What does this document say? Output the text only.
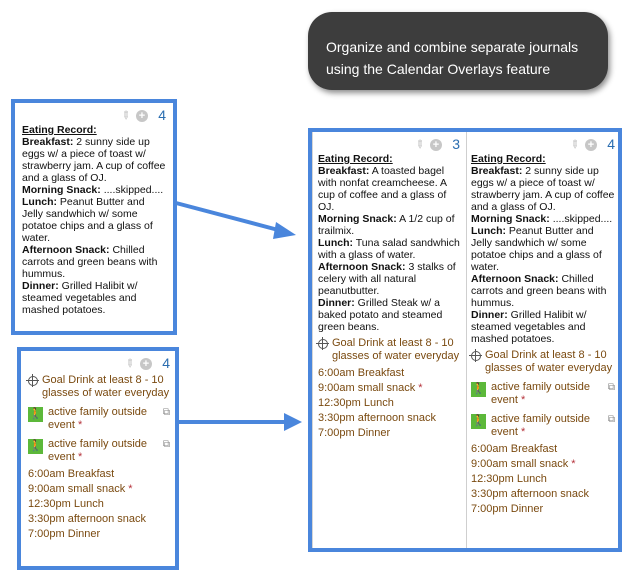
Organize and combine separate journals
using the Calendar Overlays feature
✎ + 4
Eating Record:
Breakfast: 2 sunny side up eggs w/ a piece of toast w/ strawberry jam. A cup of coffee and a glass of OJ.
Morning Snack: ....skipped....
Lunch: Peanut Butter and Jelly sandwhich w/ some potatoe chips and a glass of water.
Afternoon Snack: Chilled carrots and green beans with hummus.
Dinner: Grilled Halibit w/ steamed vegetables and mashed potatoes.
✎ + 4
Goal Drink at least 8 - 10 glasses of water everyday
🚶	⧉
active family outside event *
🚶	⧉
active family outside event *
6:00am Breakfast
9:00am small snack *
12:30pm Lunch
3:30pm afternoon snack
7:00pm Dinner
✎ + 3
Eating Record:
Breakfast: A toasted bagel with nonfat creamcheese. A cup of coffee and a glass of OJ.
Morning Snack: A 1/2 cup of trailmix.
Lunch: Tuna salad sandwhich with a glass of water.
Afternoon Snack: 3 stalks of celery with all natural peanutbutter.
Dinner: Grilled Steak w/ a baked potato and steamed green beans.
Goal Drink at least 8 - 10 glasses of water everyday
6:00am Breakfast
9:00am small snack *
12:30pm Lunch
3:30pm afternoon snack
7:00pm Dinner
✎ + 4
Eating Record:
Breakfast: 2 sunny side up eggs w/ a piece of toast w/ strawberry jam. A cup of coffee and a glass of OJ.
Morning Snack: ....skipped....
Lunch: Peanut Butter and Jelly sandwhich w/ some potatoe chips and a glass of water.
Afternoon Snack: Chilled carrots and green beans with hummus.
Dinner: Grilled Halibit w/ steamed vegetables and mashed potatoes.
Goal Drink at least 8 - 10 glasses of water everyday
🚶	⧉
active family outside event *
🚶	⧉
active family outside event *
6:00am Breakfast
9:00am small snack *
12:30pm Lunch
3:30pm afternoon snack
7:00pm Dinner
